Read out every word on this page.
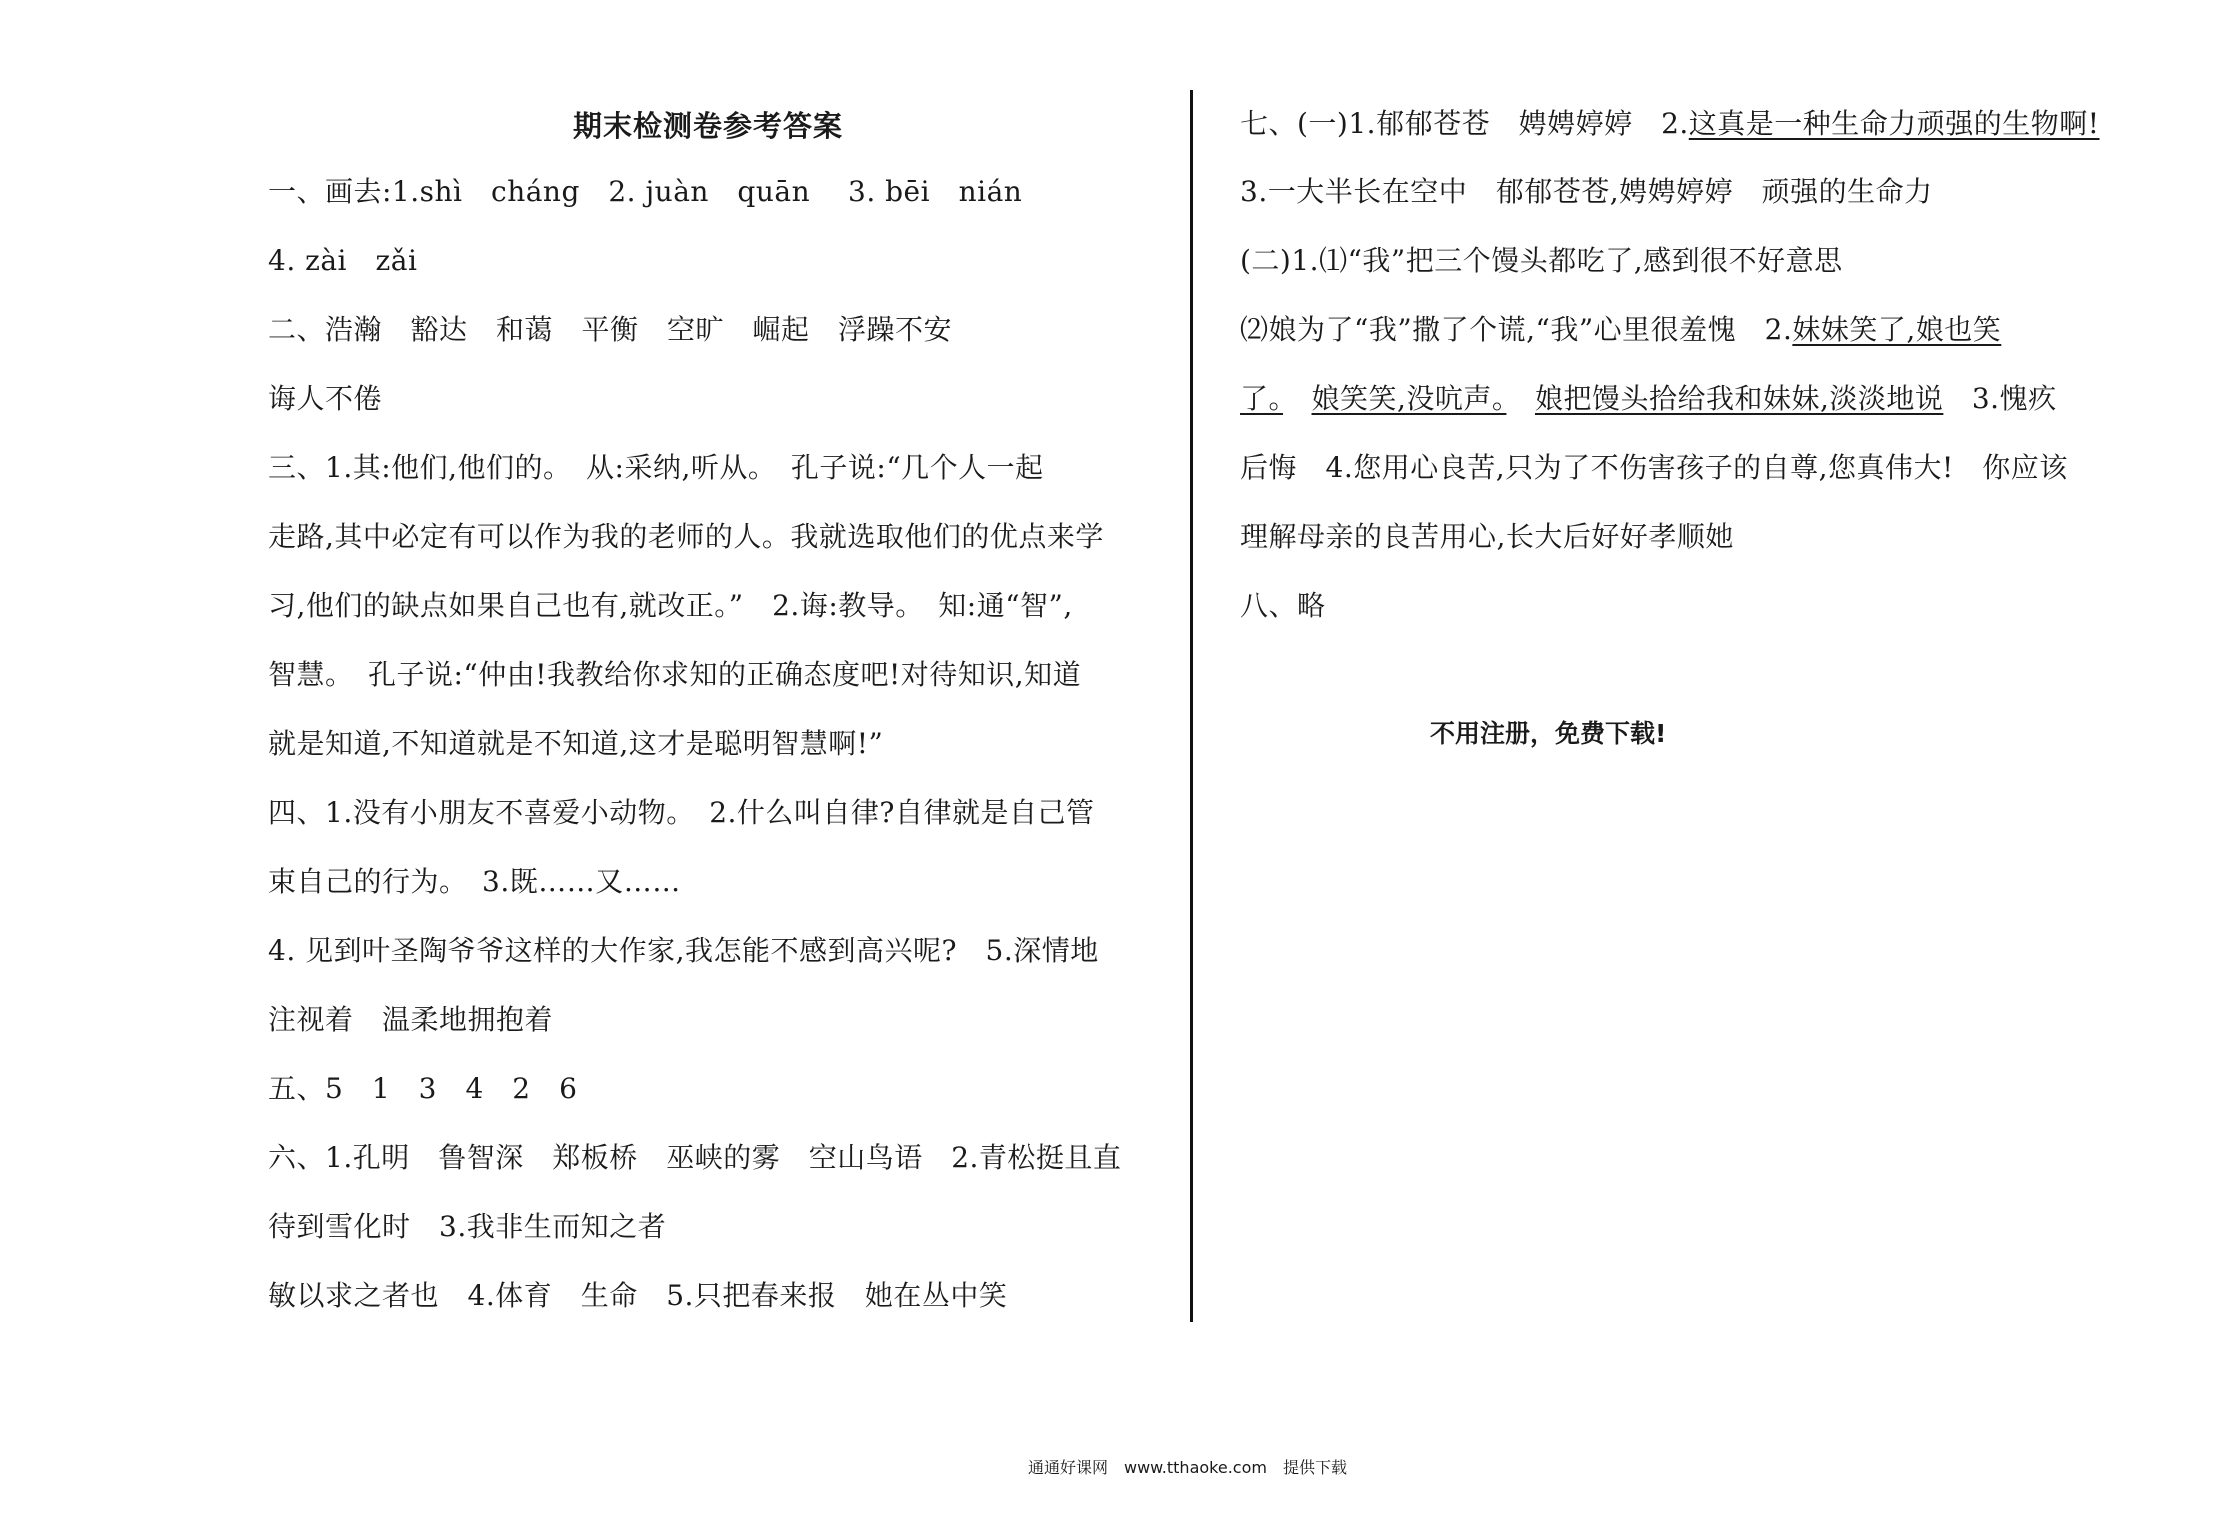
期末检测卷参考答案
一、画去:1.shì　cháng　2. juàn　quān　 3. bēi　nián
4. zài　zǎi
二、浩瀚　豁达　和蔼　平衡　空旷　崛起　浮躁不安
诲人不倦
三、1.其:他们,他们的。　从:采纳,听从。　孔子说:“几个人一起
走路,其中必定有可以作为我的老师的人。我就选取他们的优点来学
习,他们的缺点如果自己也有,就改正。”　2.诲:教导。　知:通“智”,
智慧。　孔子说:“仲由!我教给你求知的正确态度吧!对待知识,知道
就是知道,不知道就是不知道,这才是聪明智慧啊!”
四、1.没有小朋友不喜爱小动物。　2.什么叫自律?自律就是自己管
束自己的行为。　3.既……又……
4. 见到叶圣陶爷爷这样的大作家,我怎能不感到高兴呢?　5.深情地
注视着　温柔地拥抱着
五、5　1　3　4　2　6
六、1.孔明　鲁智深　郑板桥　巫峡的雾　空山鸟语　2.青松挺且直
待到雪化时　3.我非生而知之者
敏以求之者也　4.体育　生命　5.只把春来报　她在丛中笑
七、(一)1.郁郁苍苍　娉娉婷婷　2.这真是一种生命力顽强的生物啊!
3.一大半长在空中　郁郁苍苍,娉娉婷婷　顽强的生命力
(二)1.⑴“我”把三个馒头都吃了,感到很不好意思
⑵娘为了“我”撒了个谎,“我”心里很羞愧　2.妹妹笑了,娘也笑
了。　 娘笑笑,没吭声。　 娘把馒头拾给我和妹妹,淡淡地说　3.愧疚
后悔　4.您用心良苦,只为了不伤害孩子的自尊,您真伟大!　你应该
理解母亲的良苦用心,长大后好好孝顺她
八、略
不用注册，免费下载!
通通好课网　www.tthaoke.com　提供下载
